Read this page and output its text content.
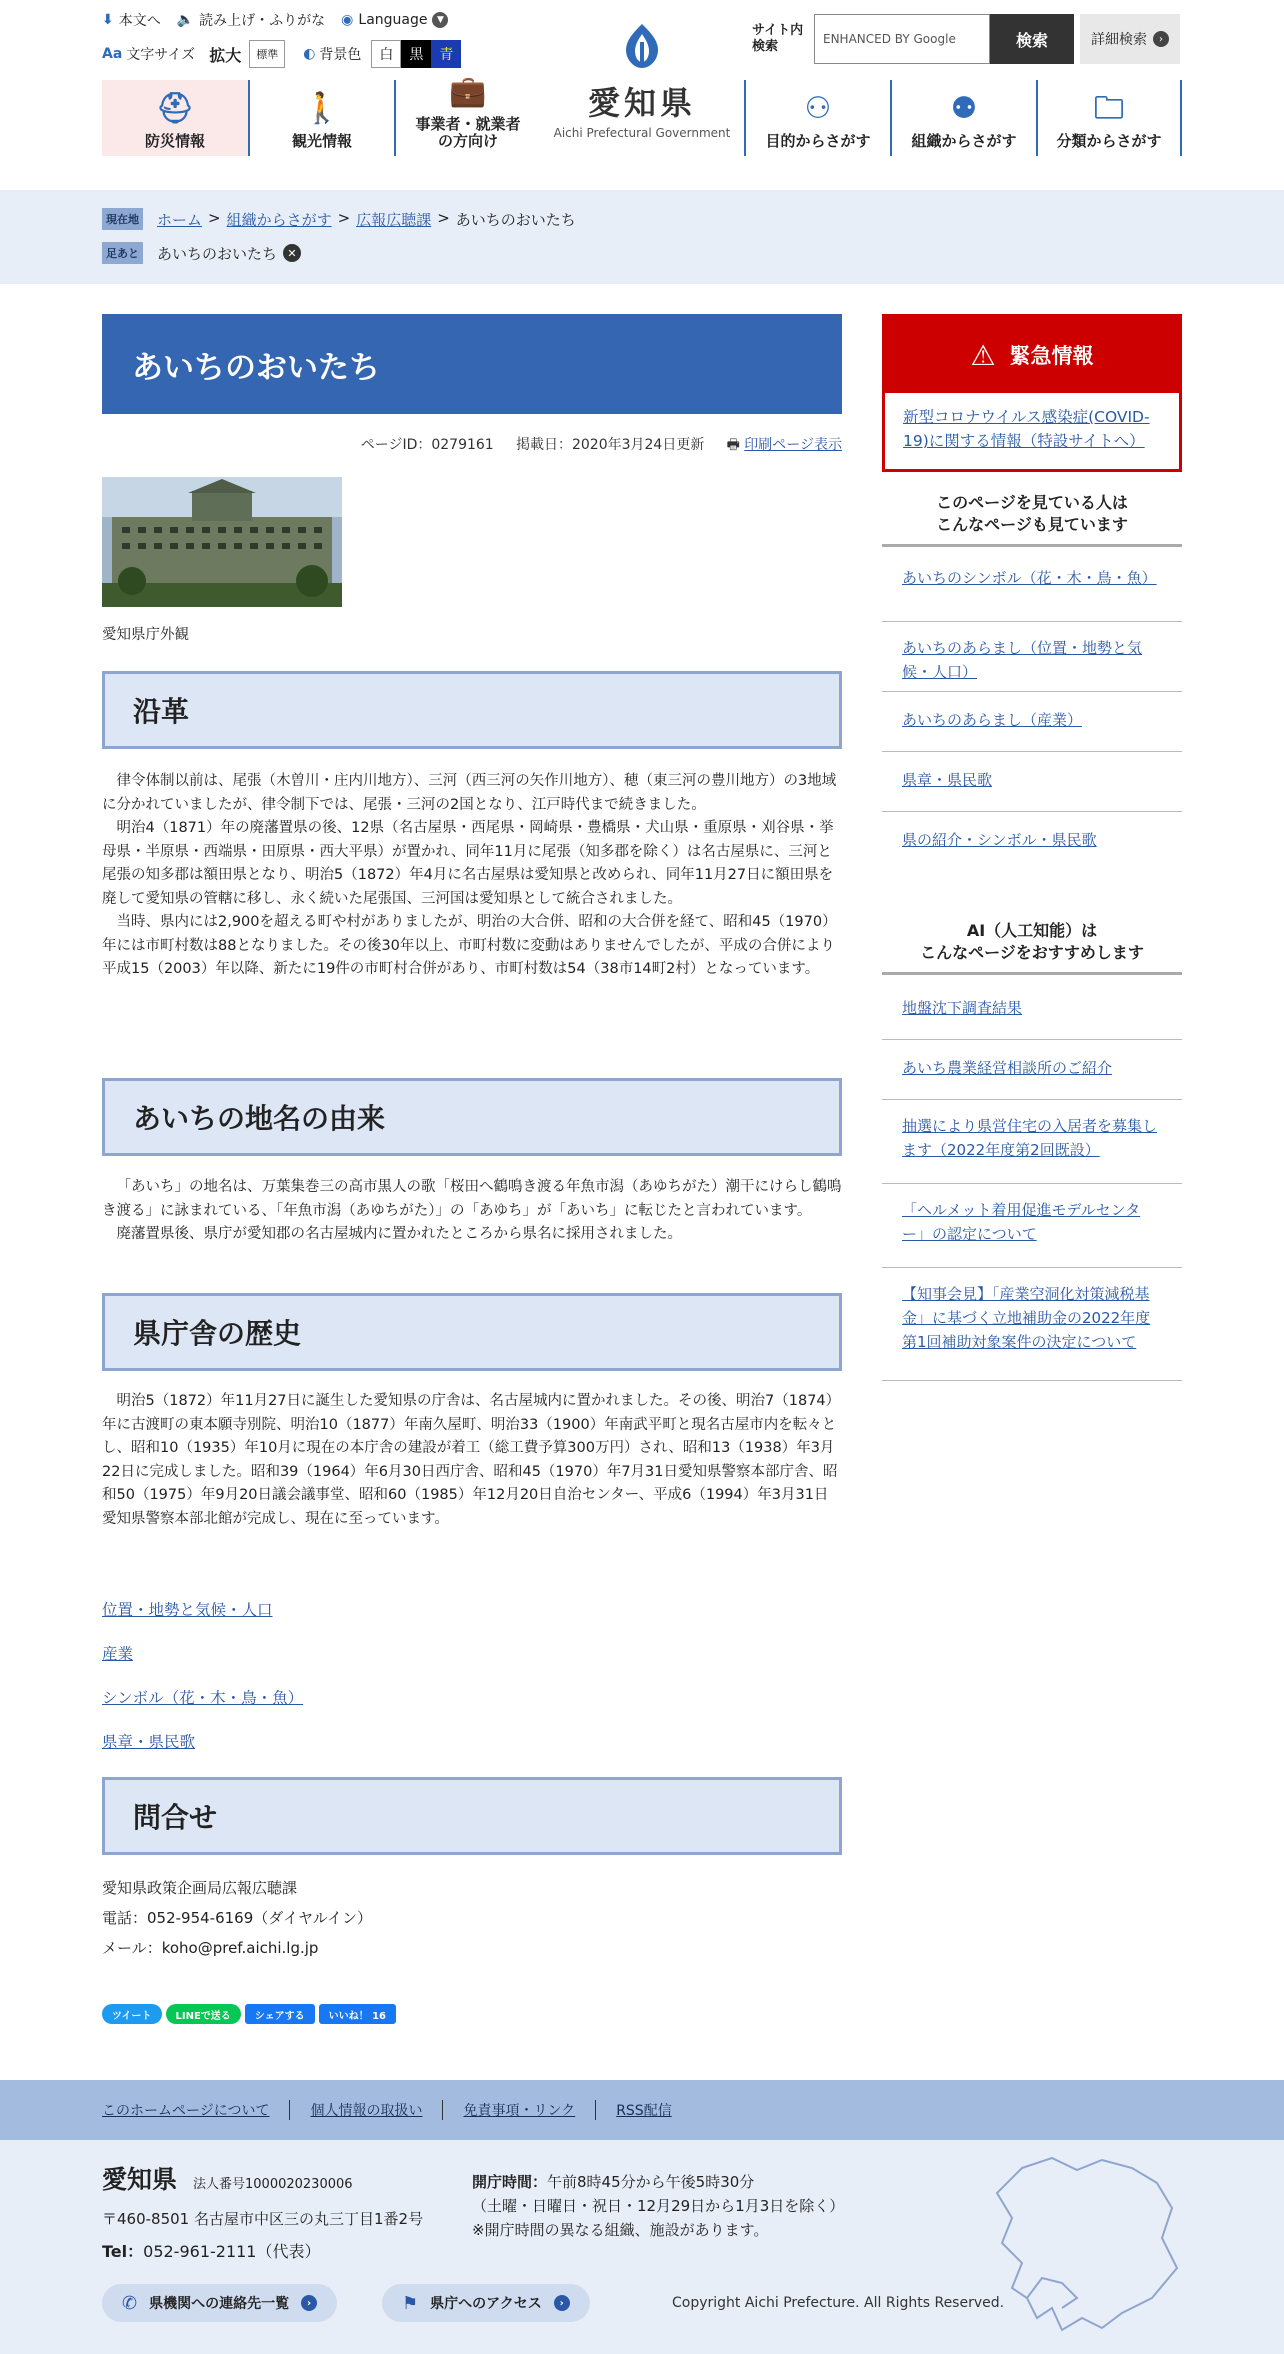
⬇ 本文へ 🔈 読み上げ・ふりがな ◉ Language	▼
Aa 文字サイズ 拡大	標準	◐ 背景色	白	黒	青
愛知県
Aichi Prefectural Government
サイト内検索	ENHANCED BY Google	検索	詳細検索	›
⛑
防災情報
🚶
観光情報
💼
事業者・就業者の方向け
⚇
目的からさがす
⚉
組織からさがす
🗀
分類からさがす
現在地 ホーム > 組織からさがす > 広報広聴課 > あいちのおいたち
足あと あいちのおいたち ✕
あいちのおいたち
ページID：0279161 掲載日：2020年3月24日更新 🖶 印刷ページ表示
愛知県庁外観
沿革

律令体制以前は、尾張（木曽川・庄内川地方）、三河（西三河の矢作川地方）、穂（東三河の豊川地方）の3地域に分かれていましたが、律令制下では、尾張・三河の2国となり、江戸時代まで続きました。

明治4（1871）年の廃藩置県の後、12県（名古屋県・西尾県・岡崎県・豊橋県・犬山県・重原県・刈谷県・挙母県・半原県・西端県・田原県・西大平県）が置かれ、同年11月に尾張（知多郡を除く）は名古屋県に、三河と尾張の知多郡は額田県となり、明治5（1872）年4月に名古屋県は愛知県と改められ、同年11月27日に額田県を廃して愛知県の管轄に移し、永く続いた尾張国、三河国は愛知県として統合されました。

当時、県内には2,900を超える町や村がありましたが、明治の大合併、昭和の大合併を経て、昭和45（1970）年には市町村数は88となりました。その後30年以上、市町村数に変動はありませんでしたが、平成の合併により平成15（2003）年以降、新たに19件の市町村合併があり、市町村数は54（38市14町2村）となっています。

あいちの地名の由来

「あいち」の地名は、万葉集巻三の高市黒人の歌「桜田へ鶴鳴き渡る年魚市潟（あゆちがた）潮干にけらし鶴鳴き渡る」に詠まれている、「年魚市潟（あゆちがた）」の「あゆち」が「あいち」に転じたと言われています。

廃藩置県後、県庁が愛知郡の名古屋城内に置かれたところから県名に採用されました。

県庁舎の歴史

明治5（1872）年11月27日に誕生した愛知県の庁舎は、名古屋城内に置かれました。その後、明治7（1874）年に古渡町の東本願寺別院、明治10（1877）年南久屋町、明治33（1900）年南武平町と現名古屋市内を転々とし、昭和10（1935）年10月に現在の本庁舎の建設が着工（総工費予算300万円）され、昭和13（1938）年3月22日に完成しました。昭和39（1964）年6月30日西庁舎、昭和45（1970）年7月31日愛知県警察本部庁舎、昭和50（1975）年9月20日議会議事堂、昭和60（1985）年12月20日自治センター、平成6（1994）年3月31日愛知県警察本部北館が完成し、現在に至っています。

位置・地勢と気候・人口
産業
シンボル（花・木・鳥・魚）
県章・県民歌
問合せ
愛知県政策企画局広報広聴課
電話：052-954-6169（ダイヤルイン）
メール：koho@pref.aichi.lg.jp
ツイート	LINEで送る	シェアする	いいね！ 16
⚠ 緊急情報
新型コロナウイルス感染症(COVID-19)に関する情報（特設サイトへ）
このページを見ている人は
こんなページも見ています
あいちのシンボル（花・木・鳥・魚）
あいちのあらまし（位置・地勢と気候・人口）
あいちのあらまし（産業）
県章・県民歌
県の紹介・シンボル・県民歌
AI（人工知能）は
こんなページをおすすめします
地盤沈下調査結果
あいち農業経営相談所のご紹介
抽選により県営住宅の入居者を募集します（2022年度第2回既設）
「ヘルメット着用促進モデルセンター」の認定について
【知事会見】「産業空洞化対策減税基金」に基づく立地補助金の2022年度第1回補助対象案件の決定について
このホームページについて	個人情報の取扱い	免責事項・リンク	RSS配信
愛知県 法人番号1000020230006
〒460-8501 名古屋市中区三の丸三丁目1番2号
Tel：052-961-2111（代表）
開庁時間：午前8時45分から午後5時30分
（土曜・日曜日・祝日・12月29日から1月3日を除く）
※開庁時間の異なる組織、施設があります。
✆ 県機関への連絡先一覧	›	⚑ 県庁へのアクセス	›	Copyright Aichi Prefecture. All Rights Reserved.
